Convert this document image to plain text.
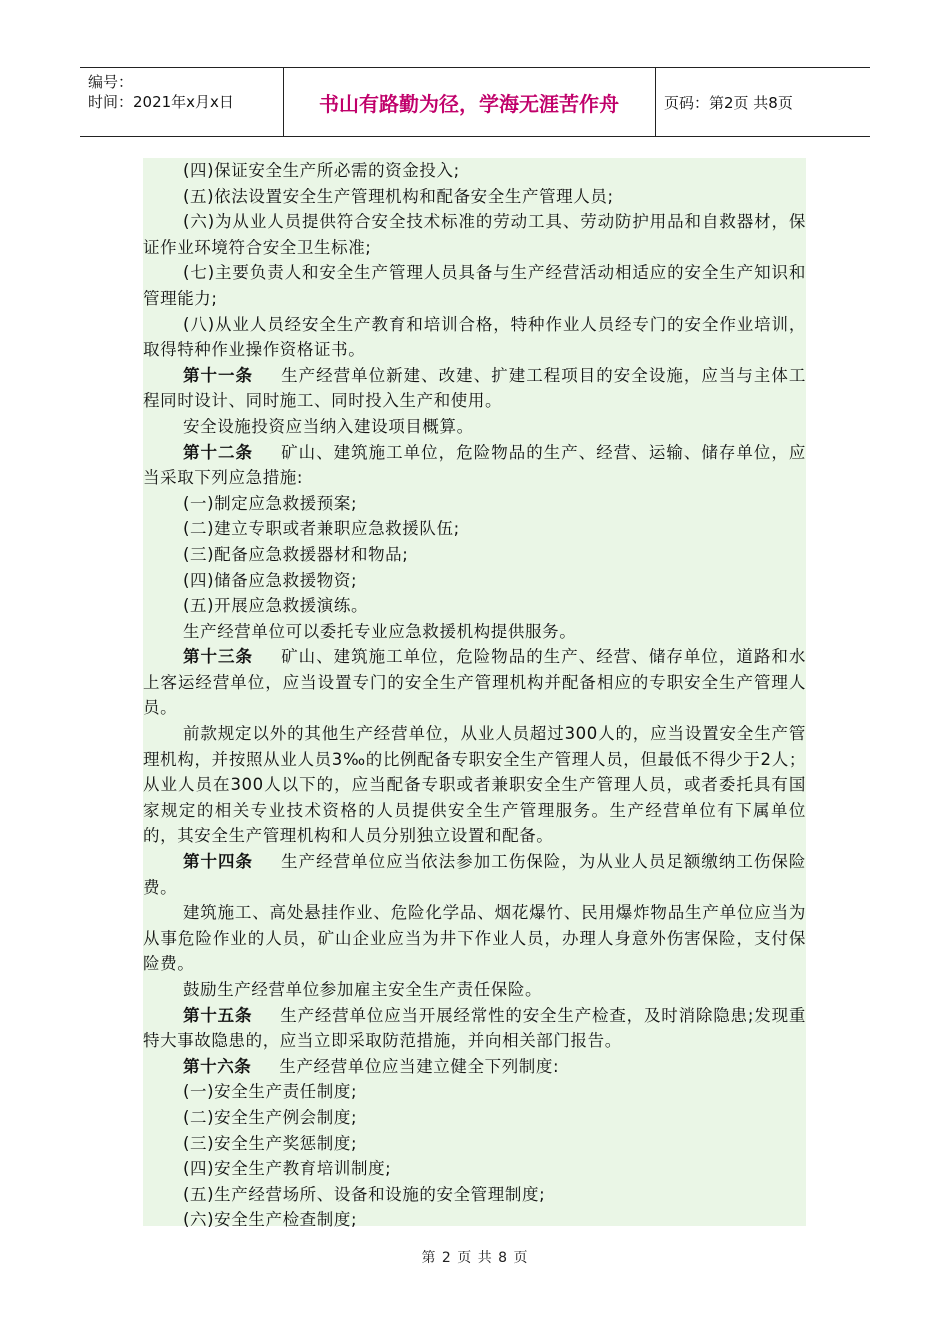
编号：
时间：2021年x月x日	书山有路勤为径，学海无涯苦作舟	页码：第2页 共8页

(四)保证安全生产所必需的资金投入;

(五)依法设置安全生产管理机构和配备安全生产管理人员;

(六)为从业人员提供符合安全技术标准的劳动工具、劳动防护用品和自救器材，保证作业环境符合安全卫生标准;

(七)主要负责人和安全生产管理人员具备与生产经营活动相适应的安全生产知识和管理能力;

(八)从业人员经安全生产教育和培训合格，特种作业人员经专门的安全作业培训，取得特种作业操作资格证书。

第十一条 生产经营单位新建、改建、扩建工程项目的安全设施，应当与主体工程同时设计、同时施工、同时投入生产和使用。

安全设施投资应当纳入建设项目概算。

第十二条 矿山、建筑施工单位，危险物品的生产、经营、运输、储存单位，应当采取下列应急措施:

(一)制定应急救援预案;

(二)建立专职或者兼职应急救援队伍;

(三)配备应急救援器材和物品;

(四)储备应急救援物资;

(五)开展应急救援演练。

生产经营单位可以委托专业应急救援机构提供服务。

第十三条 矿山、建筑施工单位，危险物品的生产、经营、储存单位，道路和水上客运经营单位，应当设置专门的安全生产管理机构并配备相应的专职安全生产管理人员。

前款规定以外的其他生产经营单位，从业人员超过300人的，应当设置安全生产管理机构，并按照从业人员3‰的比例配备专职安全生产管理人员，但最低不得少于2人；从业人员在300人以下的，应当配备专职或者兼职安全生产管理人员，或者委托具有国家规定的相关专业技术资格的人员提供安全生产管理服务。生产经营单位有下属单位的，其安全生产管理机构和人员分别独立设置和配备。

第十四条 生产经营单位应当依法参加工伤保险，为从业人员足额缴纳工伤保险费。

建筑施工、高处悬挂作业、危险化学品、烟花爆竹、民用爆炸物品生产单位应当为从事危险作业的人员，矿山企业应当为井下作业人员，办理人身意外伤害保险，支付保险费。

鼓励生产经营单位参加雇主安全生产责任保险。

第十五条 生产经营单位应当开展经常性的安全生产检查，及时消除隐患;发现重特大事故隐患的，应当立即采取防范措施，并向相关部门报告。

第十六条 生产经营单位应当建立健全下列制度:

(一)安全生产责任制度;

(二)安全生产例会制度;

(三)安全生产奖惩制度;

(四)安全生产教育培训制度;

(五)生产经营场所、设备和设施的安全管理制度;

(六)安全生产检查制度;

第 2 页 共 8 页
